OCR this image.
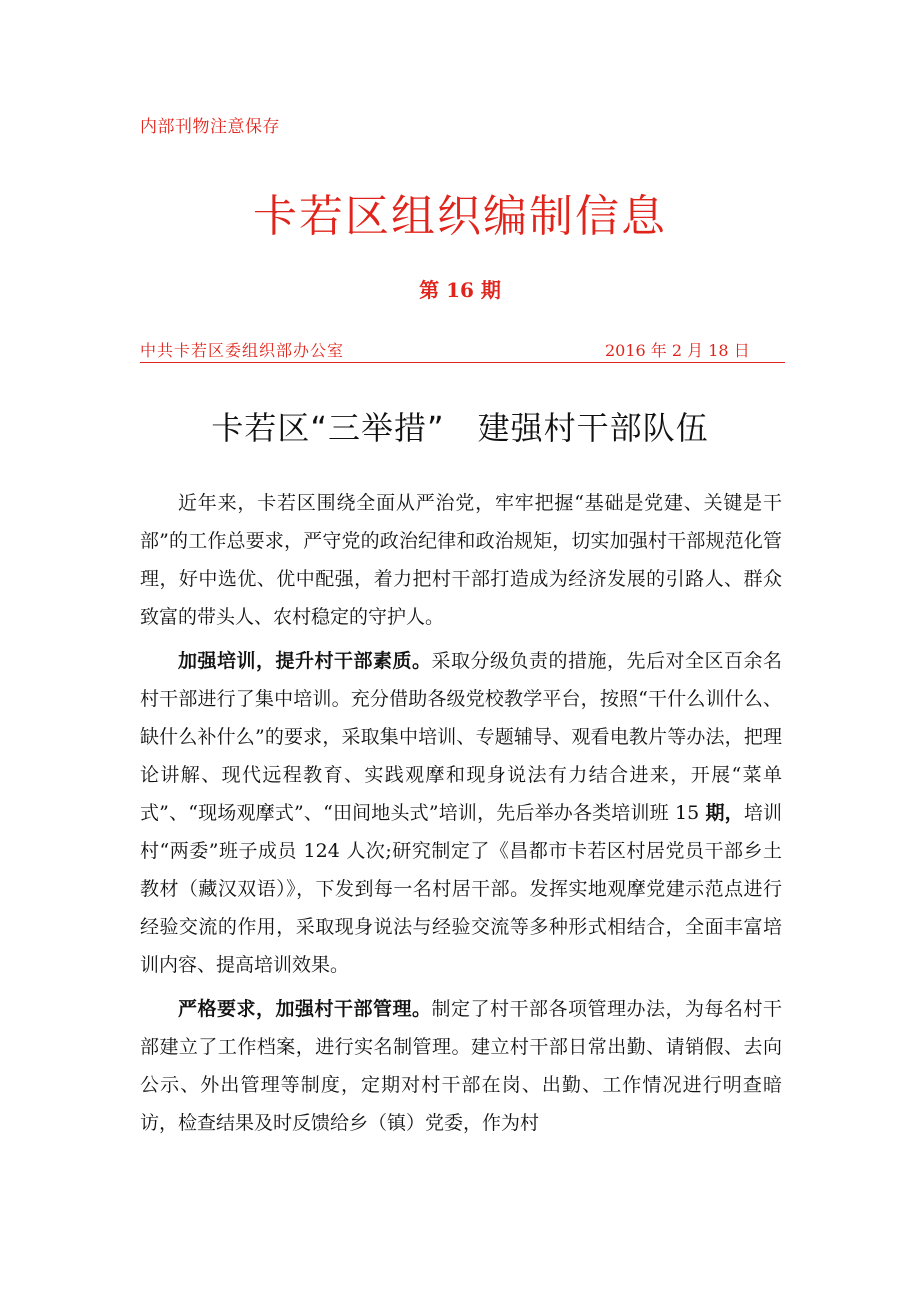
内部刊物注意保存
卡若区组织编制信息
第 16 期
中共卡若区委组织部办公室	2016 年 2 月 18 日
卡若区“三举措”　建强村干部队伍

近年来，卡若区围绕全面从严治党，牢牢把握“基础是党建、关键是干部”的工作总要求，严守党的政治纪律和政治规矩，切实加强村干部规范化管理，好中选优、优中配强，着力把村干部打造成为经济发展的引路人、群众致富的带头人、农村稳定的守护人。

加强培训，提升村干部素质。采取分级负责的措施，先后对全区百余名村干部进行了集中培训。充分借助各级党校教学平台，按照“干什么训什么、缺什么补什么”的要求，采取集中培训、专题辅导、观看电教片等办法，把理论讲解、现代远程教育、实践观摩和现身说法有力结合进来，开展“菜单式”、“现场观摩式”、“田间地头式”培训，先后举办各类培训班 15 期，培训村“两委”班子成员 124 人次;研究制定了《昌都市卡若区村居党员干部乡土教材（藏汉双语）》，下发到每一名村居干部。发挥实地观摩党建示范点进行经验交流的作用，采取现身说法与经验交流等多种形式相结合，全面丰富培训内容、提高培训效果。

严格要求，加强村干部管理。制定了村干部各项管理办法，为每名村干部建立了工作档案，进行实名制管理。建立村干部日常出勤、请销假、去向公示、外出管理等制度，定期对村干部在岗、出勤、工作情况进行明查暗访，检查结果及时反馈给乡（镇）党委，作为村
